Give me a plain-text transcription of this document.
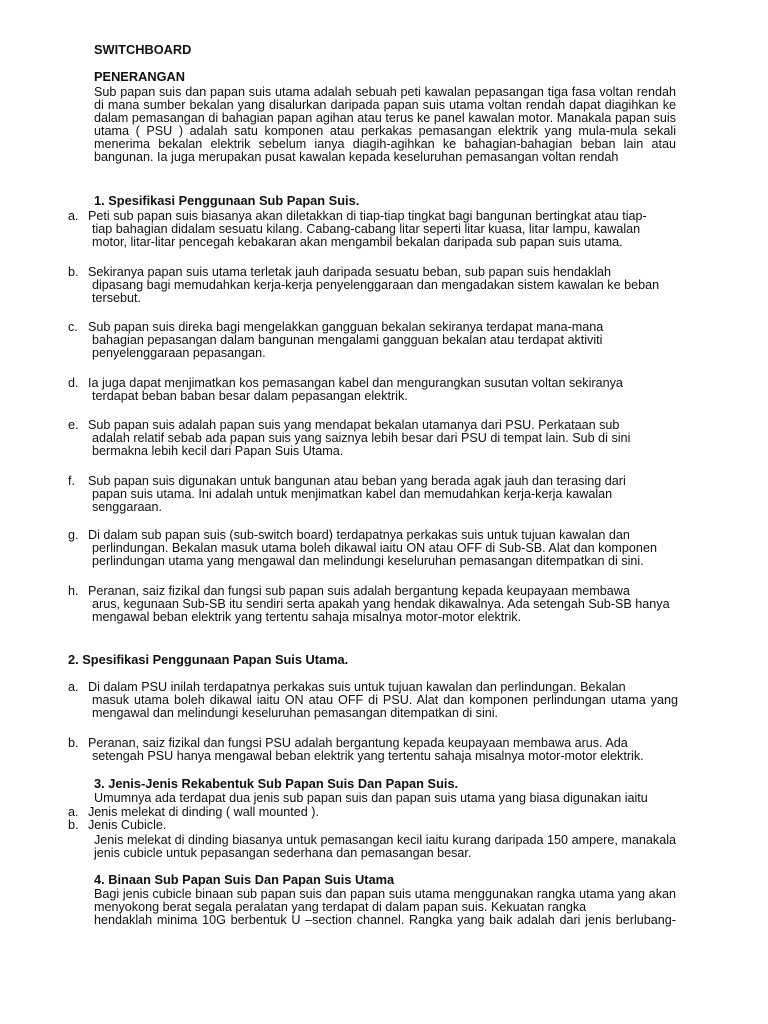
SWITCHBOARD
PENERANGAN
Sub papan suis dan papan suis utama adalah sebuah peti kawalan pepasangan tiga fasa voltan rendah di mana sumber bekalan yang disalurkan daripada papan suis utama voltan rendah dapat diagihkan ke dalam pemasangan di bahagian papan agihan atau terus ke panel kawalan motor. Manakala papan suis utama ( PSU ) adalah satu komponen atau perkakas pemasangan elektrik yang mula-mula sekali menerima bekalan elektrik sebelum ianya diagih-agihkan ke bahagian-bahagian beban lain atau bangunan. Ia juga merupakan pusat kawalan kepada keseluruhan pemasangan voltan rendah
1. Spesifikasi Penggunaan Sub Papan Suis.
a. Peti sub papan suis biasanya akan diletakkan di tiap-tiap tingkat bagi bangunan bertingkat atau tiap-
tiap bahagian didalam sesuatu kilang. Cabang-cabang litar seperti litar kuasa, litar lampu, kawalan motor, litar-litar pencegah kebakaran akan mengambil bekalan daripada sub papan suis utama.
b. Sekiranya papan suis utama terletak jauh daripada sesuatu beban, sub papan suis hendaklah
dipasang bagi memudahkan kerja-kerja penyelenggaraan dan mengadakan sistem kawalan ke beban tersebut.
c. Sub papan suis direka bagi mengelakkan gangguan bekalan sekiranya terdapat mana-mana
bahagian pepasangan dalam bangunan mengalami gangguan bekalan atau terdapat aktiviti penyelenggaraan pepasangan.
d. Ia juga dapat menjimatkan kos pemasangan kabel dan mengurangkan susutan voltan sekiranya
terdapat beban baban besar dalam pepasangan elektrik.
e. Sub papan suis adalah papan suis yang mendapat bekalan utamanya dari PSU. Perkataan sub
adalah relatif sebab ada papan suis yang saiznya lebih besar dari PSU di tempat lain. Sub di sini bermakna lebih kecil dari Papan Suis Utama.
f. Sub papan suis digunakan untuk bangunan atau beban yang berada agak jauh dan terasing dari
papan suis utama. Ini adalah untuk menjimatkan kabel dan memudahkan kerja-kerja kawalan senggaraan.
g. Di dalam sub papan suis (sub-switch board) terdapatnya perkakas suis untuk tujuan kawalan dan
perlindungan. Bekalan masuk utama boleh dikawal iaitu ON atau OFF di Sub-SB. Alat dan komponen perlindungan utama yang mengawal dan melindungi keseluruhan pemasangan ditempatkan di sini.
h. Peranan, saiz fizikal dan fungsi sub papan suis adalah bergantung kepada keupayaan membawa
arus, kegunaan Sub-SB itu sendiri serta apakah yang hendak dikawalnya. Ada setengah Sub-SB hanya mengawal beban elektrik yang tertentu sahaja misalnya motor-motor elektrik.
2. Spesifikasi Penggunaan Papan Suis Utama.
a. Di dalam PSU inilah terdapatnya perkakas suis untuk tujuan kawalan dan perlindungan. Bekalan
masuk utama boleh dikawal iaitu ON atau OFF di PSU. Alat dan komponen perlindungan utama yang mengawal dan melindungi keseluruhan pemasangan ditempatkan di sini.
b. Peranan, saiz fizikal dan fungsi PSU adalah bergantung kepada keupayaan membawa arus. Ada
setengah PSU hanya mengawal beban elektrik yang tertentu sahaja misalnya motor-motor elektrik.
3. Jenis-Jenis Rekabentuk Sub Papan Suis Dan Papan Suis.
Umumnya ada terdapat dua jenis sub papan suis dan papan suis utama yang biasa digunakan iaitu
a. Jenis melekat di dinding ( wall mounted ).
b. Jenis Cubicle.
Jenis melekat di dinding biasanya untuk pemasangan kecil iaitu kurang daripada 150 ampere, manakala jenis cubicle untuk pepasangan sederhana dan pemasangan besar.
4. Binaan Sub Papan Suis Dan Papan Suis Utama
Bagi jenis cubicle binaan sub papan suis dan papan suis utama menggunakan rangka utama yang akan menyokong berat segala peralatan yang terdapat di dalam papan suis. Kekuatan rangka
hendaklah minima 10G berbentuk U –section channel. Rangka yang baik adalah dari jenis berlubang-
